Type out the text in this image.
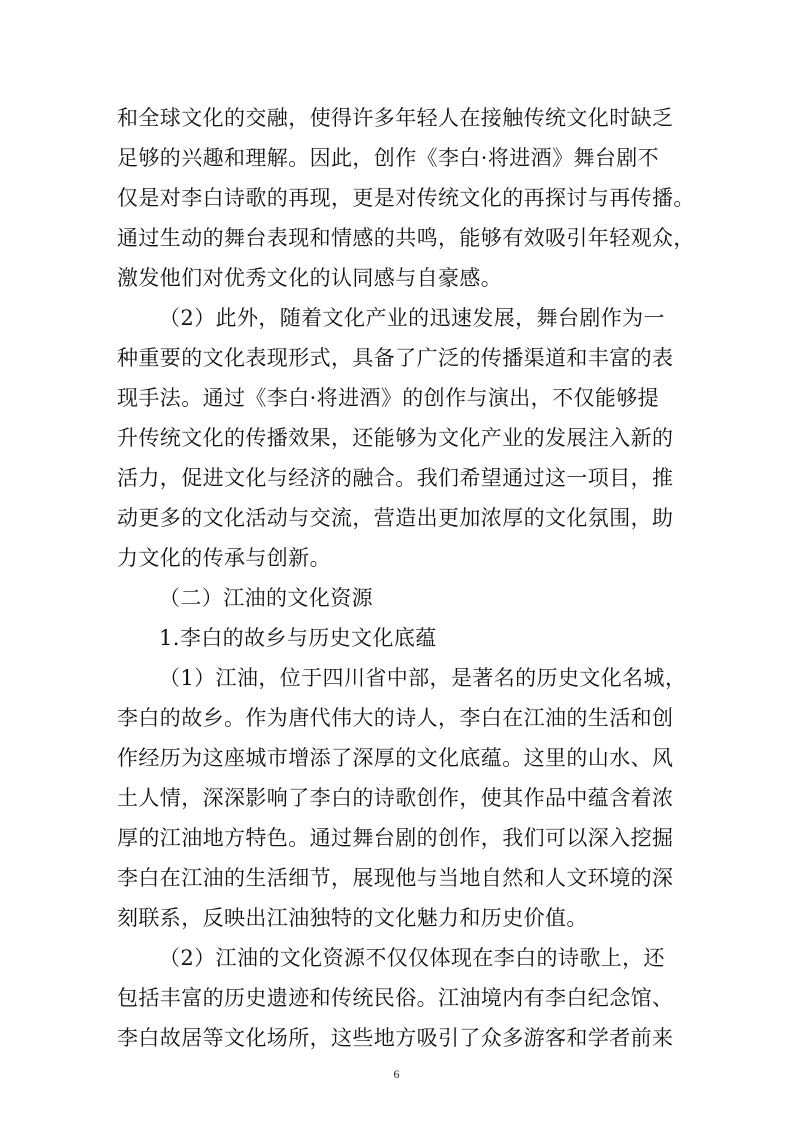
和全球文化的交融，使得许多年轻人在接触传统文化时缺乏
足够的兴趣和理解。因此，创作《李白·将进酒》舞台剧不
仅是对李白诗歌的再现，更是对传统文化的再探讨与再传播。
通过生动的舞台表现和情感的共鸣，能够有效吸引年轻观众，
激发他们对优秀文化的认同感与自豪感。
（2）此外，随着文化产业的迅速发展，舞台剧作为一
种重要的文化表现形式，具备了广泛的传播渠道和丰富的表
现手法。通过《李白·将进酒》的创作与演出，不仅能够提
升传统文化的传播效果，还能够为文化产业的发展注入新的
活力，促进文化与经济的融合。我们希望通过这一项目，推
动更多的文化活动与交流，营造出更加浓厚的文化氛围，助
力文化的传承与创新。
（二）江油的文化资源
1.李白的故乡与历史文化底蕴
（1）江油，位于四川省中部，是著名的历史文化名城，
李白的故乡。作为唐代伟大的诗人，李白在江油的生活和创
作经历为这座城市增添了深厚的文化底蕴。这里的山水、风
土人情，深深影响了李白的诗歌创作，使其作品中蕴含着浓
厚的江油地方特色。通过舞台剧的创作，我们可以深入挖掘
李白在江油的生活细节，展现他与当地自然和人文环境的深
刻联系，反映出江油独特的文化魅力和历史价值。
（2）江油的文化资源不仅仅体现在李白的诗歌上，还
包括丰富的历史遗迹和传统民俗。江油境内有李白纪念馆、
李白故居等文化场所，这些地方吸引了众多游客和学者前来
6
